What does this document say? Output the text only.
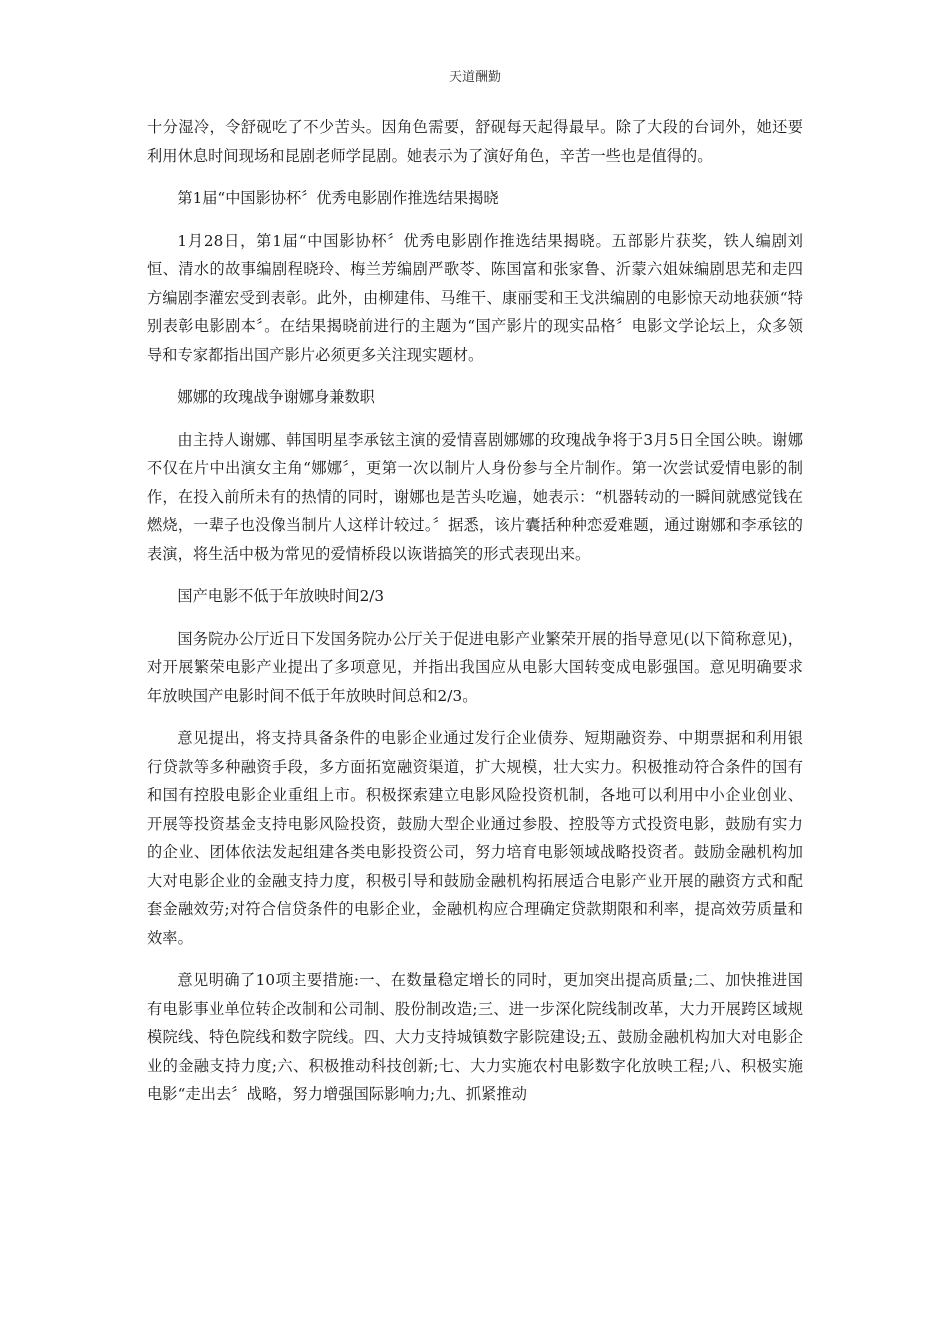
天道酬勤

十分湿冷，令舒砚吃了不少苦头。因角色需要，舒砚每天起得最早。除了大段的台词外，她还要利用休息时间现场和昆剧老师学昆剧。她表示为了演好角色，辛苦一些也是值得的。

第1届“中国影协杯〞优秀电影剧作推选结果揭晓

1月28日，第1届“中国影协杯〞优秀电影剧作推选结果揭晓。五部影片获奖，铁人编剧刘恒、清水的故事编剧程晓玲、梅兰芳编剧严歌苓、陈国富和张家鲁、沂蒙六姐妹编剧思芜和走四方编剧李灌宏受到表彰。此外，由柳建伟、马维干、康丽雯和王戈洪编剧的电影惊天动地获颁“特别表彰电影剧本〞。在结果揭晓前进行的主题为“国产影片的现实品格〞电影文学论坛上，众多领导和专家都指出国产影片必须更多关注现实题材。

娜娜的玫瑰战争谢娜身兼数职

由主持人谢娜、韩国明星李承铉主演的爱情喜剧娜娜的玫瑰战争将于3月5日全国公映。谢娜不仅在片中出演女主角“娜娜〞，更第一次以制片人身份参与全片制作。第一次尝试爱情电影的制作，在投入前所未有的热情的同时，谢娜也是苦头吃遍，她表示：“机器转动的一瞬间就感觉钱在燃烧，一辈子也没像当制片人这样计较过。〞据悉，该片囊括种种恋爱难题，通过谢娜和李承铉的表演，将生活中极为常见的爱情桥段以诙谐搞笑的形式表现出来。

国产电影不低于年放映时间2/3

国务院办公厅近日下发国务院办公厅关于促进电影产业繁荣开展的指导意见(以下简称意见)，对开展繁荣电影产业提出了多项意见，并指出我国应从电影大国转变成电影强国。意见明确要求年放映国产电影时间不低于年放映时间总和2/3。

意见提出，将支持具备条件的电影企业通过发行企业债券、短期融资券、中期票据和利用银行贷款等多种融资手段，多方面拓宽融资渠道，扩大规模，壮大实力。积极推动符合条件的国有和国有控股电影企业重组上市。积极探索建立电影风险投资机制，各地可以利用中小企业创业、开展等投资基金支持电影风险投资，鼓励大型企业通过参股、控股等方式投资电影，鼓励有实力的企业、团体依法发起组建各类电影投资公司，努力培育电影领域战略投资者。鼓励金融机构加大对电影企业的金融支持力度，积极引导和鼓励金融机构拓展适合电影产业开展的融资方式和配套金融效劳;对符合信贷条件的电影企业，金融机构应合理确定贷款期限和利率，提高效劳质量和效率。

意见明确了10项主要措施:一、在数量稳定增长的同时，更加突出提高质量;二、加快推进国有电影事业单位转企改制和公司制、股份制改造;三、进一步深化院线制改革，大力开展跨区域规模院线、特色院线和数字院线。四、大力支持城镇数字影院建设;五、鼓励金融机构加大对电影企业的金融支持力度;六、积极推动科技创新;七、大力实施农村电影数字化放映工程;八、积极实施电影“走出去〞战略，努力增强国际影响力;九、抓紧推动
